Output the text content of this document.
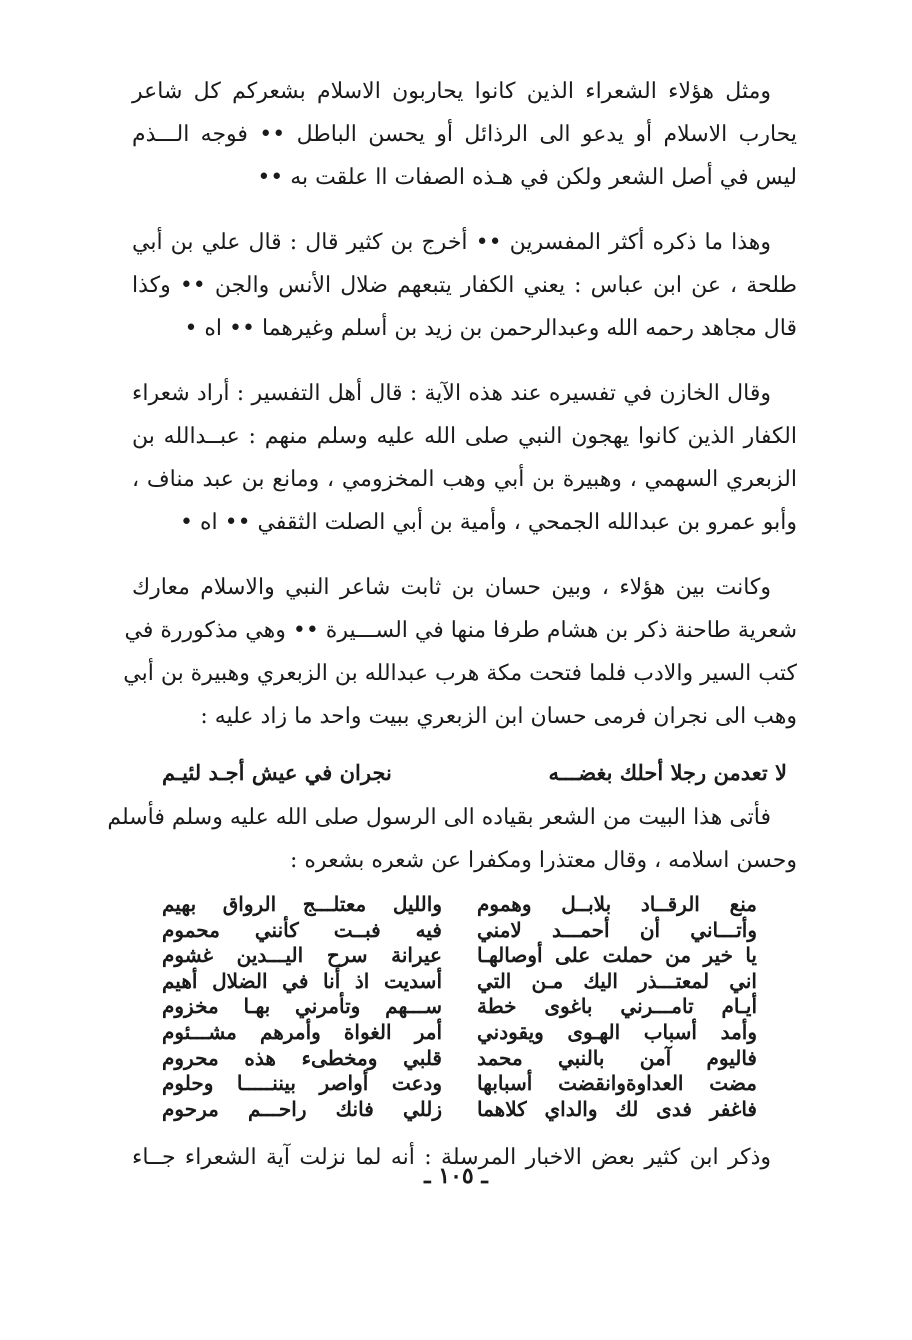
ومثل هؤلاء الشعراء الذين كانوا يحاربون الاسلام بشعركم كل شاعر
يحارب الاسلام أو يدعو الى الرذائل أو يحسن الباطل •• فوجه الـــذم
ليس في أصل الشعر ولكن في هـذه الصفات اا علقت به ••
وهذا ما ذكره أكثر المفسرين •• أخرج بن كثير قال : قال علي بن أبي
طلحة ، عن ابن عباس : يعني الكفار يتبعهم ضلال الأنس والجن •• وكذا
قال مجاهد رحمه الله وعبدالرحمن بن زيد بن أسلم وغيرهما •• اه •
وقال الخازن في تفسيره عند هذه الآية : قال أهل التفسير : أراد شعراء
الكفار الذين كانوا يهجون النبي صلى الله عليه وسلم منهم : عبــدالله بن
الزبعري السهمي ، وهبيرة بن أبي وهب المخزومي ، ومانع بن عبد مناف ،
وأبو عمرو بن عبدالله الجمحي ، وأمية بن أبي الصلت الثقفي •• اه •
وكانت بين هؤلاء ، وبين حسان بن ثابت شاعر النبي والاسلام معارك
شعرية طاحنة ذكر بن هشام طرفا منها في الســـيرة •• وهي مذكوررة في
كتب السير والادب فلما فتحت مكة هرب عبدالله بن الزبعري وهبيرة بن أبي
وهب الى نجران فرمى حسان ابن الزبعري ببيت واحد ما زاد عليه :
لا تعدمن رجلا أحلك بغضـــه
نجران في عيش أجـد لئيـم
فأتى هذا البيت من الشعر بقياده الى الرسول صلى الله عليه وسلم فأسلم
وحسن اسلامه ، وقال معتذرا ومكفرا عن شعره بشعره :
منع الرقــاد بلابــل وهموم
وأتـــاني أن أحمـــد لامني
يا خير من حملت على أوصالهـا
اني لمعتـــذر اليك مـن التي
أيـام تامـــرني باغوى خطة
وأمد أسباب الهـوى ويقودني
فاليوم آمن بالنبي محمد
مضت العداوةوانقضت أسبابها
فاغفر فدى لك والداي كلاهما
والليل معتلـــج الرواق بهيم
فيه فبــت كأنني محموم
عيرانة سرح اليـــدين غشوم
أسديت اذ أنا في الضلال أهيم
ســـهم وتأمرني بهـا مخزوم
أمر الغواة وأمرهم مشـــئوم
قلبي ومخطىء هذه محروم
ودعت أواصر بيننـــــا وحلوم
زللي فانك راحـــم مرحوم
وذكر ابن كثير بعض الاخبار المرسلة : أنه لما نزلت آية الشعراء جــاء
ـ ١٠٥ ـ
